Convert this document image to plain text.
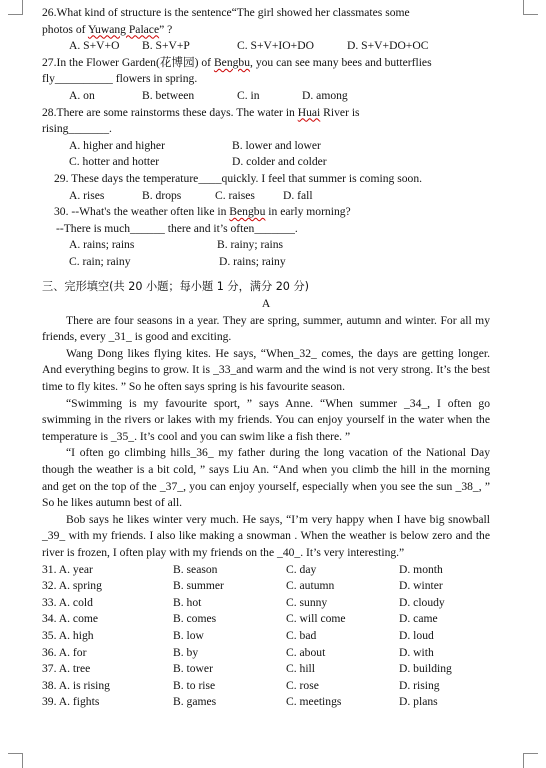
26.What kind of structure is the sentence“The girl showed her classmates some
photos of Yuwang Palace” ?
A. S+V+O	B. S+V+P	C. S+V+IO+DO	D. S+V+DO+OC
27.In the Flower Garden(花博园) of Bengbu, you can see many bees and butterflies
fly__________ flowers in spring.
A. on	B. between	C. in	D. among
28.There are some rainstorms these days. The water in Huai River is
rising_______.
A. higher and higher	B. lower and lower
C. hotter and hotter	D. colder and colder
29. These days the temperature____quickly. I feel that summer is coming soon.
A. rises	B. drops	C. raises	D. fall
30. --What's the weather often like in Bengbu in early morning?
--There is much______ there and it’s often_______.
A. rains; rains	B. rainy; rains
C. rain; rainy	D. rains; rainy
三、完形填空(共 20 小题；每小题 1 分，满分 20 分)
A
There are four seasons in a year. They are spring, summer, autumn and winter. For all my friends, every _31_ is good and exciting.
Wang Dong likes flying kites. He says, “When_32_ comes, the days are getting longer. And everything begins to grow. It is _33_and warm and the wind is not very strong. It’s the best time to fly kites. ” So he often says spring is his favourite season.
“Swimming is my favourite sport, ” says Anne. “When summer _34_, I often go swimming in the rivers or lakes with my friends. You can enjoy yourself in the water when the temperature is _35_. It’s cool and you can swim like a fish there. ”
“I often go climbing hills_36_ my father during the long vacation of the National Day though the weather is a bit cold, ” says Liu An. “And when you climb the hill in the morning and get on the top of the _37_, you can enjoy yourself, especially when you see the sun _38_, ” So he likes autumn best of all.
Bob says he likes winter very much. He says, “I’m very happy when I have big snowball _39_ with my friends. I also like making a snowman . When the weather is below zero and the river is frozen, I often play with my friends on the _40_. It’s very interesting.”
31. A. year	B. season	C. day	D. month
32. A. spring	B. summer	C. autumn	D. winter
33. A. cold	B. hot	C. sunny	D. cloudy
34. A. come	B. comes	C. will come	D. came
35. A. high	B. low	C. bad	D. loud
36. A. for	B. by	C. about	D. with
37. A. tree	B. tower	C. hill	D. building
38. A. is rising	B. to rise	C. rose	D. rising
39. A. fights	B. games	C. meetings	D. plans
